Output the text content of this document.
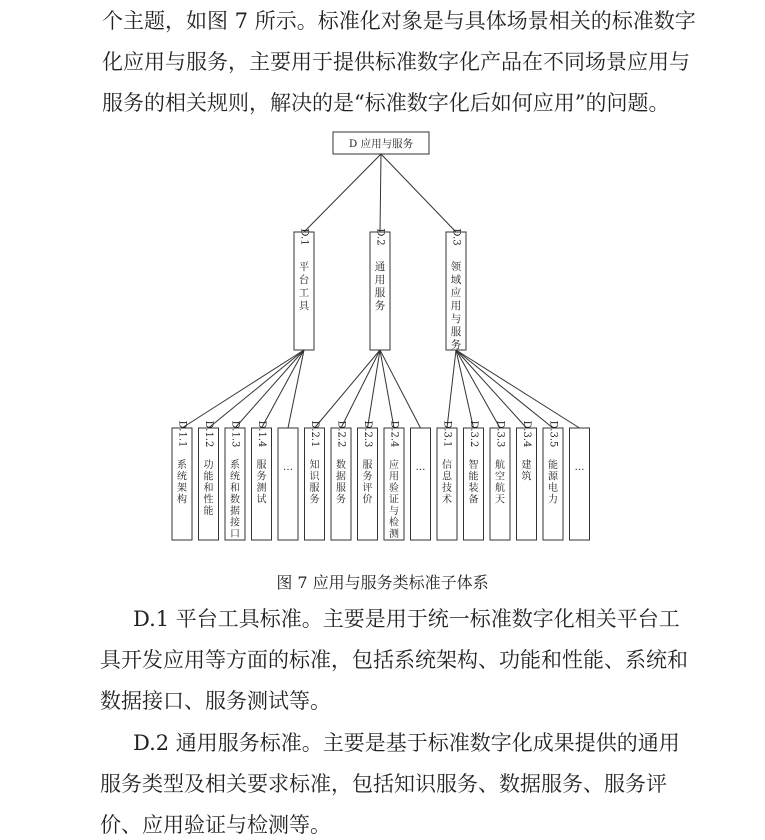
个主题，如图 7 所示。标准化对象是与具体场景相关的标准数字
化应用与服务，主要用于提供标准数字化产品在不同场景应用与
服务的相关规则，解决的是“标准数字化后如何应用”的问题。
D 应用与服务
D.1
平
台
工
具
D.2
通
用
服
务
D.3
领
域
应
用
与
服
务
D.1.1
系
统
架
构
D.1.2
功
能
和
性
能
D.1.3
系
统
和
数
据
接
口
D.1.4
服
务
测
试
…
D.2.1
知
识
服
务
D.2.2
数
据
服
务
D.2.3
服
务
评
价
D.2.4
应
用
验
证
与
检
测
…
D.3.1
信
息
技
术
D.3.2
智
能
装
备
D.3.3
航
空
航
天
D.3.4
建
筑
D.3.5
能
源
电
力
…
图 7 应用与服务类标准子体系
D.1 平台工具标准。主要是用于统一标准数字化相关平台工
具开发应用等方面的标准，包括系统架构、功能和性能、系统和
数据接口、服务测试等。
D.2 通用服务标准。主要是基于标准数字化成果提供的通用
服务类型及相关要求标准，包括知识服务、数据服务、服务评
价、应用验证与检测等。
